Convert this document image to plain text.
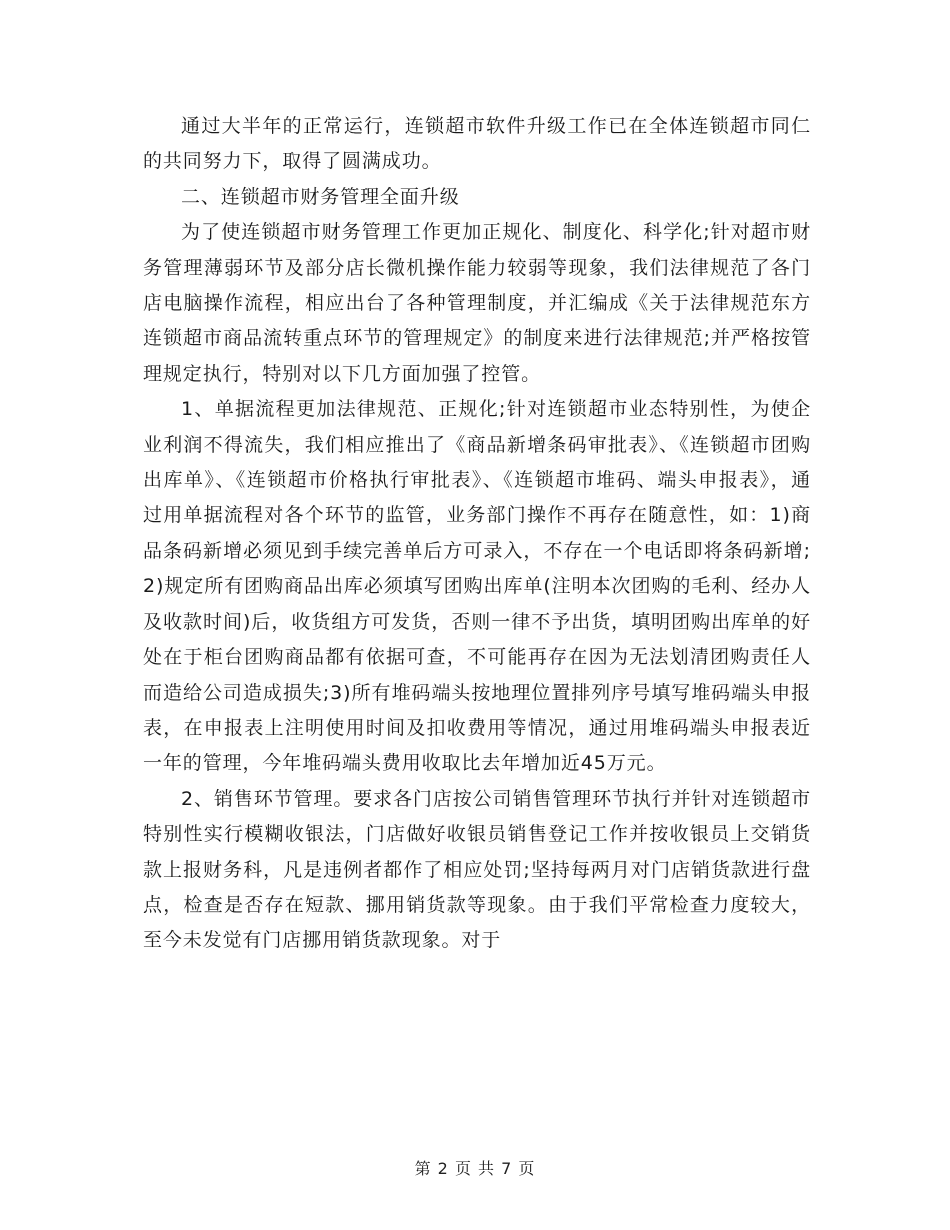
通过大半年的正常运行，连锁超市软件升级工作已在全体连锁超市同仁的共同努力下，取得了圆满成功。

二、连锁超市财务管理全面升级

为了使连锁超市财务管理工作更加正规化、制度化、科学化;针对超市财务管理薄弱环节及部分店长微机操作能力较弱等现象，我们法律规范了各门店电脑操作流程，相应出台了各种管理制度，并汇编成《关于法律规范东方连锁超市商品流转重点环节的管理规定》的制度来进行法律规范;并严格按管理规定执行，特别对以下几方面加强了控管。

1、单据流程更加法律规范、正规化;针对连锁超市业态特别性，为使企业利润不得流失，我们相应推出了《商品新增条码审批表》、《连锁超市团购出库单》、《连锁超市价格执行审批表》、《连锁超市堆码、端头申报表》，通过用单据流程对各个环节的监管，业务部门操作不再存在随意性，如：1)商品条码新增必须见到手续完善单后方可录入，不存在一个电话即将条码新增;2)规定所有团购商品出库必须填写团购出库单(注明本次团购的毛利、经办人及收款时间)后，收货组方可发货，否则一律不予出货，填明团购出库单的好处在于柜台团购商品都有依据可查，不可能再存在因为无法划清团购责任人而造给公司造成损失;3)所有堆码端头按地理位置排列序号填写堆码端头申报表，在申报表上注明使用时间及扣收费用等情况，通过用堆码端头申报表近一年的管理，今年堆码端头费用收取比去年增加近45万元。

2、销售环节管理。要求各门店按公司销售管理环节执行并针对连锁超市特别性实行模糊收银法，门店做好收银员销售登记工作并按收银员上交销货款上报财务科，凡是违例者都作了相应处罚;坚持每两月对门店销货款进行盘点，检查是否存在短款、挪用销货款等现象。由于我们平常检查力度较大，至今未发觉有门店挪用销货款现象。对于

第 2 页 共 7 页
